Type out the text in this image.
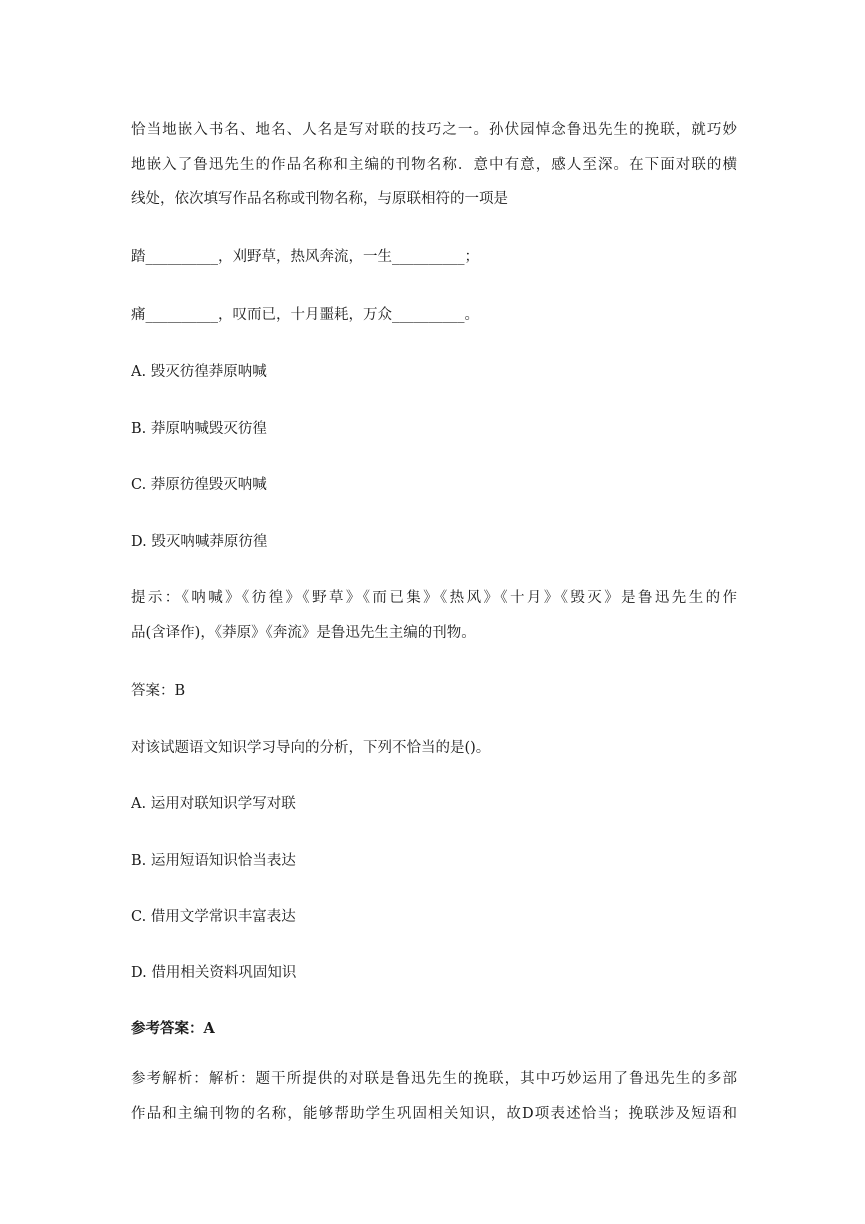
恰当地嵌入书名、地名、人名是写对联的技巧之一。孙伏园悼念鲁迅先生的挽联，就巧妙
地嵌入了鲁迅先生的作品名称和主编的刊物名称．意中有意，感人至深。在下面对联的横
线处，依次填写作品名称或刊物名称，与原联相符的一项是
踏__________，刈野草，热风奔流，一生__________；
痛__________，叹而已，十月噩耗，万众__________。
A. 毁灭彷徨莽原呐喊
B. 莽原呐喊毁灭彷徨
C. 莽原彷徨毁灭呐喊
D. 毁灭呐喊莽原彷徨
提示：《呐喊》《彷徨》《野草》《而已集》《热风》《十月》《毁灭》是鲁迅先生的作
品(含译作)，《莽原》《奔流》是鲁迅先生主编的刊物。
答案：B
对该试题语文知识学习导向的分析，下列不恰当的是()。
A. 运用对联知识学写对联
B. 运用短语知识恰当表达
C. 借用文学常识丰富表达
D. 借用相关资料巩固知识
参考答案：A
参考解析：解析：题干所提供的对联是鲁迅先生的挽联，其中巧妙运用了鲁迅先生的多部
作品和主编刊物的名称，能够帮助学生巩固相关知识，故D项表述恰当；挽联涉及短语和
